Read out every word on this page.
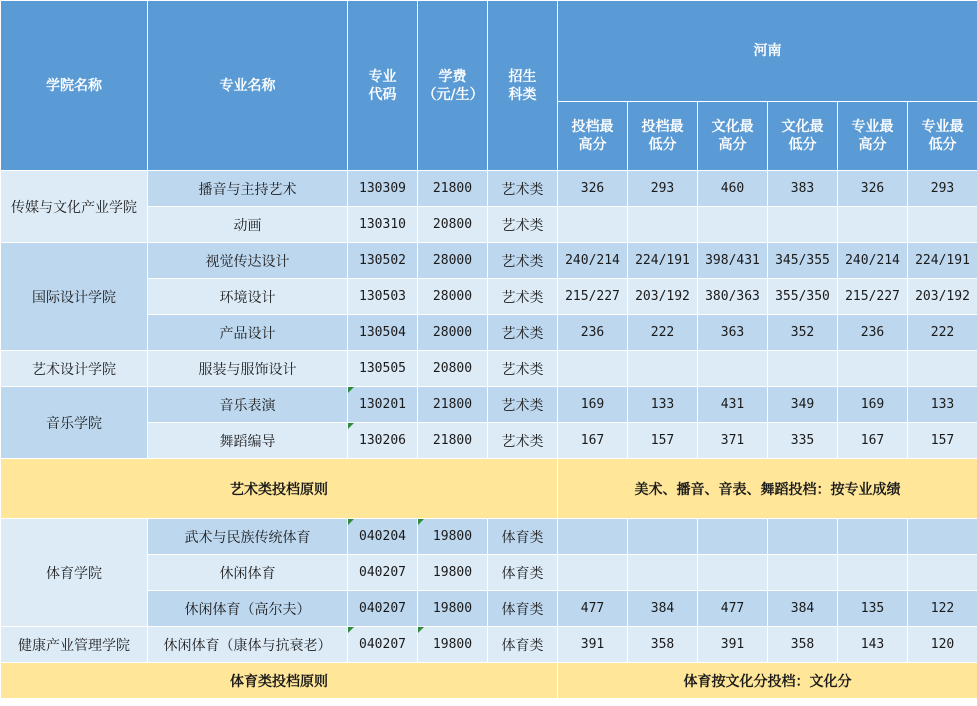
学院名称	专业名称	专业代码	学费（元/生）	招生科类	河南					
					投档最高分	投档最低分	文化最高分	文化最低分	专业最高分	专业最低分
传媒与文化产业学院	播音与主持艺术	130309	21800	艺术类	326	293	460	383	326	293
	动画	130310	20800	艺术类						
国际设计学院	视觉传达设计	130502	28000	艺术类	240/214	224/191	398/431	345/355	240/214	224/191
	环境设计	130503	28000	艺术类	215/227	203/192	380/363	355/350	215/227	203/192
	产品设计	130504	28000	艺术类	236	222	363	352	236	222
艺术设计学院	服装与服饰设计	130505	20800	艺术类						
音乐学院	音乐表演	130201	21800	艺术类	169	133	431	349	169	133
	舞蹈编导	130206	21800	艺术类	167	157	371	335	167	157
艺术类投档原则					美术、播音、音表、舞蹈投档：按专业成绩					
体育学院	武术与民族传统体育	040204	19800	体育类						
	休闲体育	040207	19800	体育类						
	休闲体育（高尔夫）	040207	19800	体育类	477	384	477	384	135	122
健康产业管理学院	休闲体育（康体与抗衰老）	040207	19800	体育类	391	358	391	358	143	120
体育类投档原则					体育按文化分投档：文化分					
